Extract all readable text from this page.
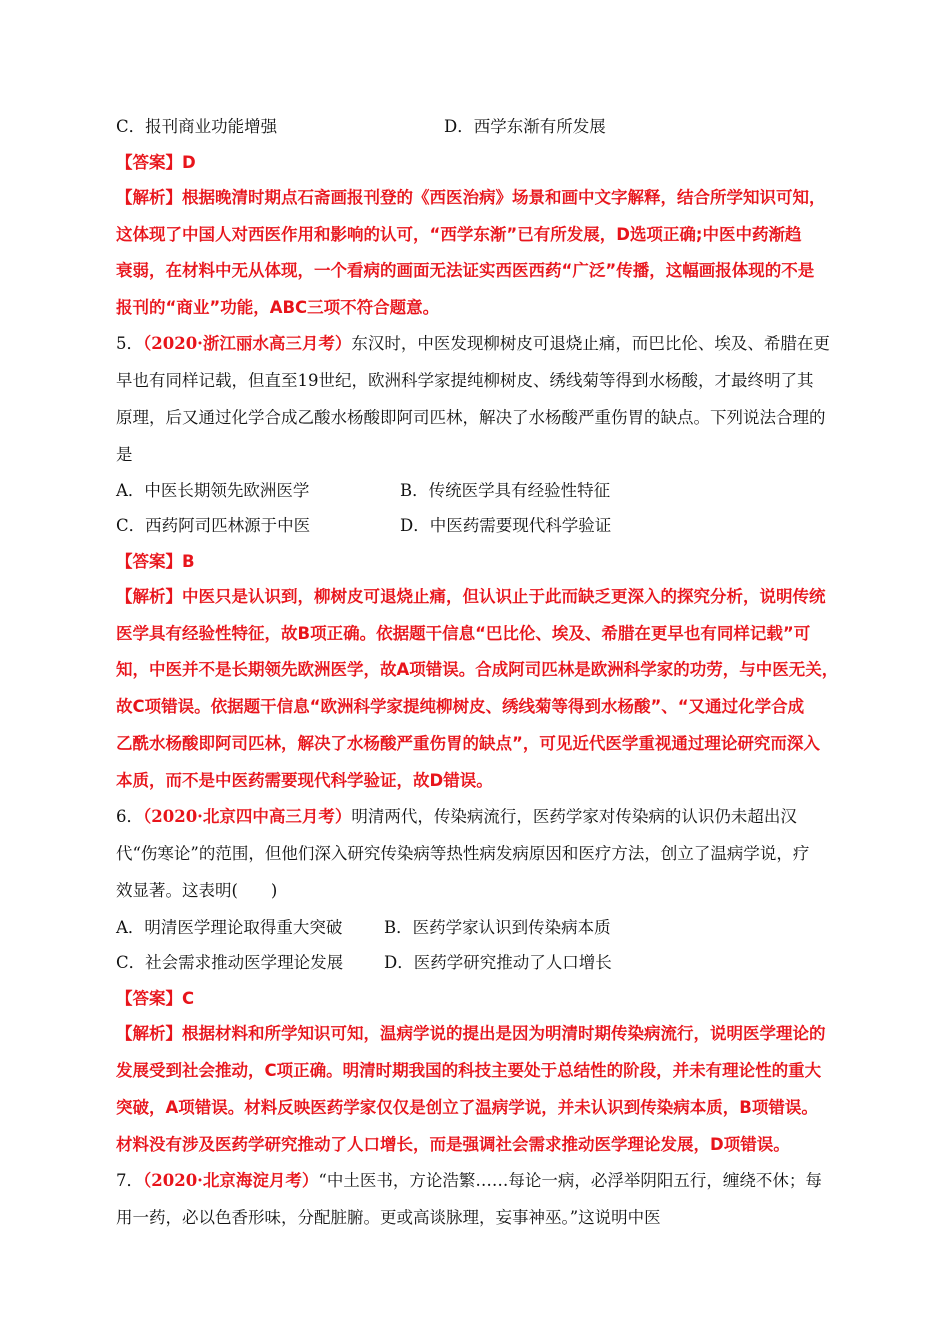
C．报刊商业功能增强	D．西学东渐有所发展
【答案】D
【解析】根据晚清时期点石斋画报刊登的《西医治病》场景和画中文字解释，结合所学知识可知，
这体现了中国人对西医作用和影响的认可，“西学东渐”已有所发展，D选项正确;中医中药渐趋
衰弱，在材料中无从体现，一个看病的画面无法证实西医西药“广泛”传播，这幅画报体现的不是
报刊的“商业”功能，ABC三项不符合题意。
5．（2020·浙江丽水高三月考）东汉时，中医发现柳树皮可退烧止痛，而巴比伦、埃及、希腊在更
早也有同样记载，但直至19世纪，欧洲科学家提纯柳树皮、绣线菊等得到水杨酸，才最终明了其
原理，后又通过化学合成乙酸水杨酸即阿司匹林，解决了水杨酸严重伤胃的缺点。下列说法合理的
是
A．中医长期领先欧洲医学	B．传统医学具有经验性特征
C．西药阿司匹林源于中医	D．中医药需要现代科学验证
【答案】B
【解析】中医只是认识到，柳树皮可退烧止痛，但认识止于此而缺乏更深入的探究分析，说明传统
医学具有经验性特征，故B项正确。依据题干信息“巴比伦、埃及、希腊在更早也有同样记载”可
知，中医并不是长期领先欧洲医学，故A项错误。合成阿司匹林是欧洲科学家的功劳，与中医无关，
故C项错误。依据题干信息“欧洲科学家提纯柳树皮、绣线菊等得到水杨酸”、“又通过化学合成
乙酰水杨酸即阿司匹林，解决了水杨酸严重伤胃的缺点”，可见近代医学重视通过理论研究而深入
本质，而不是中医药需要现代科学验证，故D错误。
6．（2020·北京四中高三月考）明清两代，传染病流行，医药学家对传染病的认识仍未超出汉
代“伤寒论”的范围，但他们深入研究传染病等热性病发病原因和医疗方法，创立了温病学说，疗
效显著。这表明(　　)
A．明清医学理论取得重大突破	B．医药学家认识到传染病本质
C．社会需求推动医学理论发展 D．医药学研究推动了人口增长
【答案】C
【解析】根据材料和所学知识可知，温病学说的提出是因为明清时期传染病流行，说明医学理论的
发展受到社会推动，C项正确。明清时期我国的科技主要处于总结性的阶段，并未有理论性的重大
突破，A项错误。材料反映医药学家仅仅是创立了温病学说，并未认识到传染病本质，B项错误。
材料没有涉及医药学研究推动了人口增长，而是强调社会需求推动医学理论发展，D项错误。
7．（2020·北京海淀月考）“中土医书，方论浩繁……每论一病，必浮举阴阳五行，缠绕不休；每
用一药，必以色香形味，分配脏腑。更或高谈脉理，妄事神巫。”这说明中医
